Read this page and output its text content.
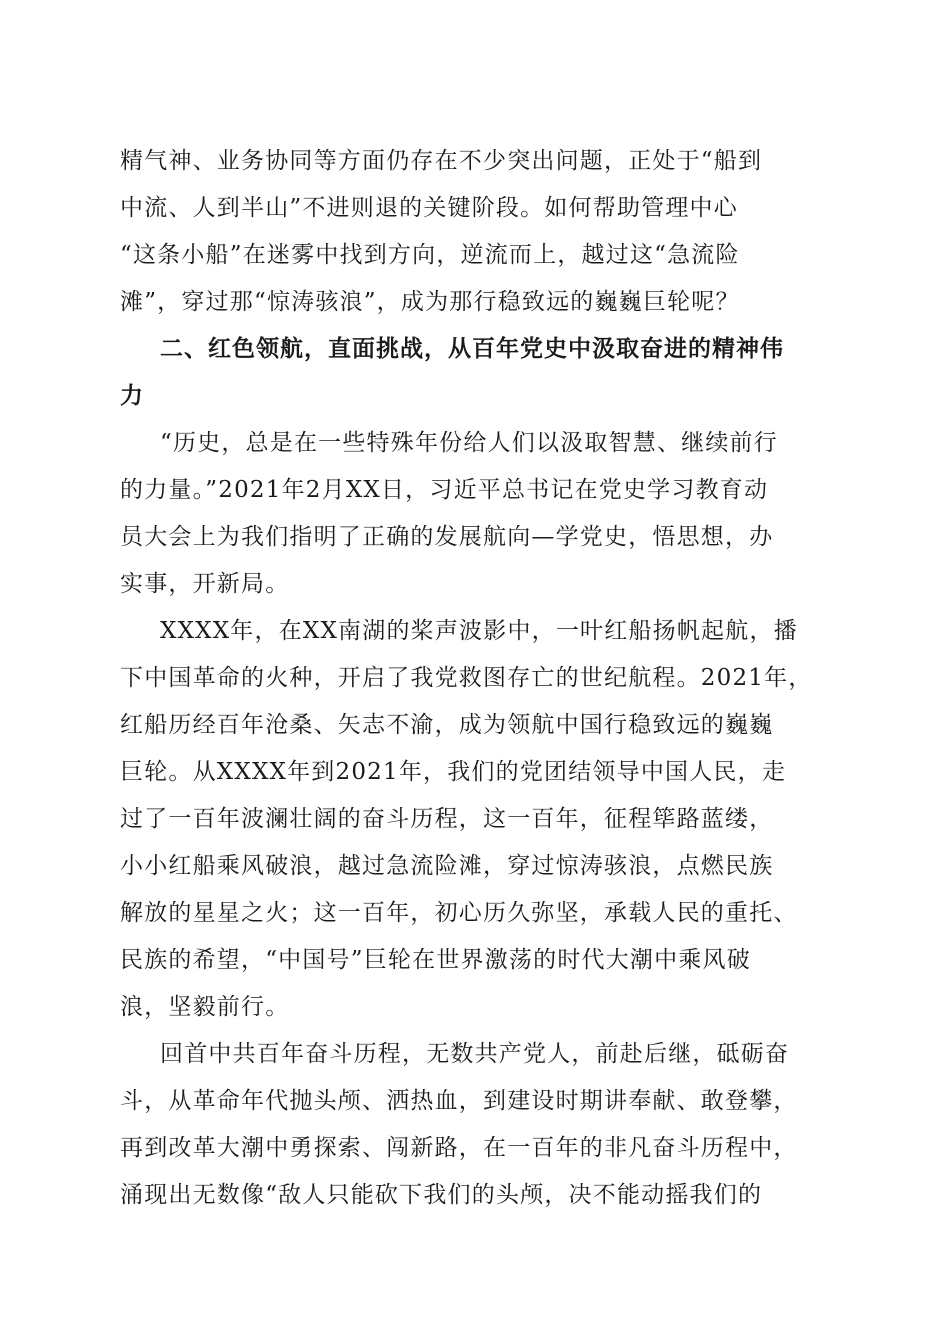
精气神、业务协同等方面仍存在不少突出问题，正处于“船到
中流、人到半山”不进则退的关键阶段。如何帮助管理中心
“这条小船”在迷雾中找到方向，逆流而上，越过这“急流险
滩”，穿过那“惊涛骇浪”，成为那行稳致远的巍巍巨轮呢？
二、红色领航，直面挑战，从百年党史中汲取奋进的精神伟
力
“历史，总是在一些特殊年份给人们以汲取智慧、继续前行
的力量。”2021年2月XX日，习近平总书记在党史学习教育动
员大会上为我们指明了正确的发展航向—学党史，悟思想，办
实事，开新局。
XXXX年，在XX南湖的桨声波影中，一叶红船扬帆起航，播
下中国革命的火种，开启了我党救图存亡的世纪航程。2021年，
红船历经百年沧桑、矢志不渝，成为领航中国行稳致远的巍巍
巨轮。从XXXX年到2021年，我们的党团结领导中国人民，走
过了一百年波澜壮阔的奋斗历程，这一百年，征程筚路蓝缕，
小小红船乘风破浪，越过急流险滩，穿过惊涛骇浪，点燃民族
解放的星星之火；这一百年，初心历久弥坚，承载人民的重托、
民族的希望，“中国号”巨轮在世界激荡的时代大潮中乘风破
浪，坚毅前行。
回首中共百年奋斗历程，无数共产党人，前赴后继，砥砺奋
斗，从革命年代抛头颅、洒热血，到建设时期讲奉献、敢登攀，
再到改革大潮中勇探索、闯新路，在一百年的非凡奋斗历程中，
涌现出无数像“敌人只能砍下我们的头颅，决不能动摇我们的
